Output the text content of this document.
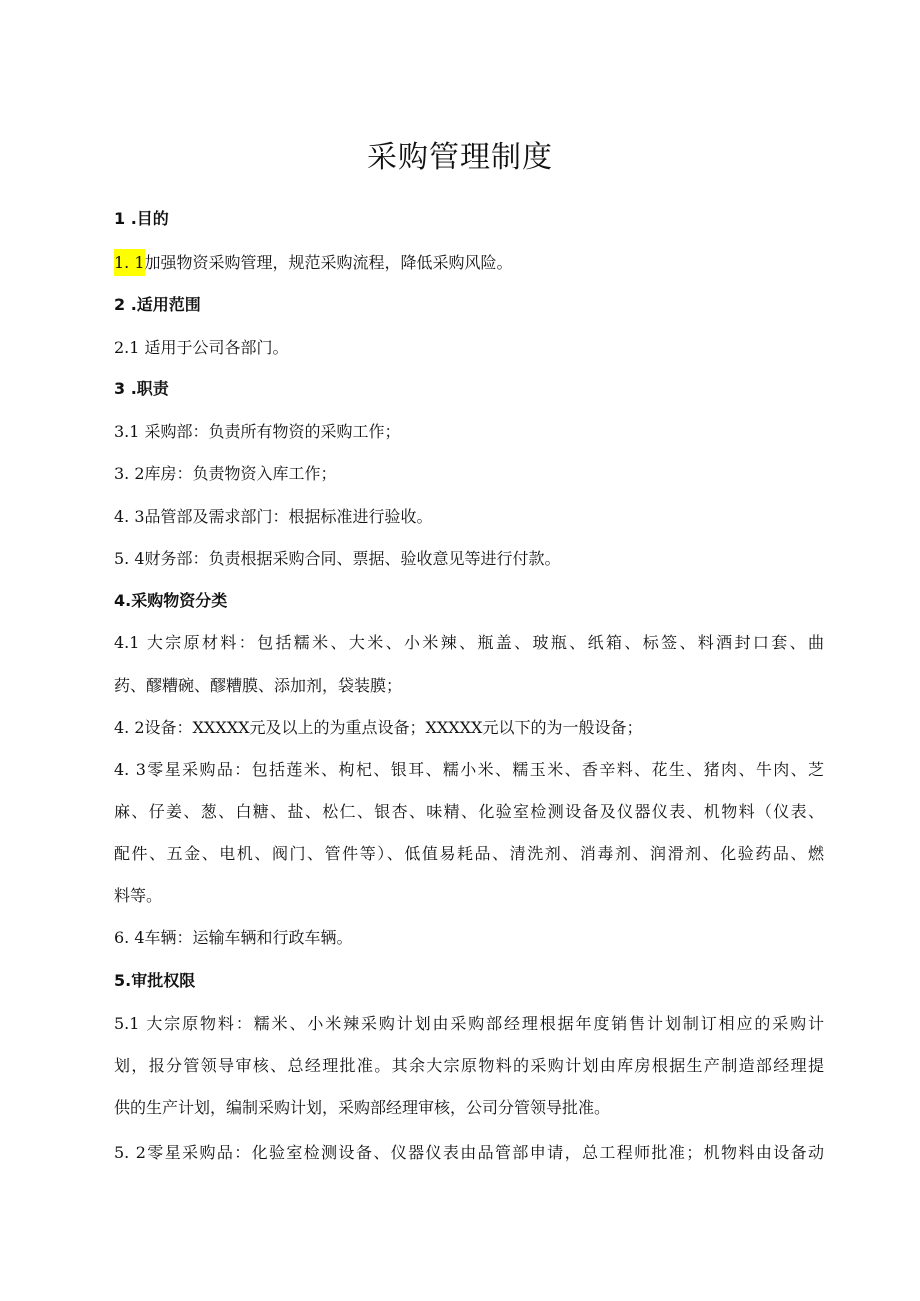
采购管理制度
1 .目的
1. 1加强物资采购管理，规范采购流程，降低采购风险。
2 .适用范围
2.1 适用于公司各部门。
3 .职责
3.1 采购部：负责所有物资的采购工作；
3. 2库房：负责物资入库工作；
4. 3品管部及需求部门：根据标准进行验收。
5. 4财务部：负责根据采购合同、票据、验收意见等进行付款。
4.采购物资分类
4.1 大宗原材料：包括糯米、大米、小米辣、瓶盖、玻瓶、纸箱、标签、料酒封口套、曲
药、醪糟碗、醪糟膜、添加剂，袋装膜；
4. 2设备：XXXXX元及以上的为重点设备；XXXXX元以下的为一般设备；
4. 3零星采购品：包括莲米、枸杞、银耳、糯小米、糯玉米、香辛料、花生、猪肉、牛肉、芝
麻、仔姜、葱、白糖、盐、松仁、银杏、味精、化验室检测设备及仪器仪表、机物料（仪表、
配件、五金、电机、阀门、管件等）、低值易耗品、清洗剂、消毒剂、润滑剂、化验药品、燃
料等。
6. 4车辆：运输车辆和行政车辆。
5.审批权限
5.1 大宗原物料：糯米、小米辣采购计划由采购部经理根据年度销售计划制订相应的采购计
划，报分管领导审核、总经理批准。其余大宗原物料的采购计划由库房根据生产制造部经理提
供的生产计划，编制采购计划，采购部经理审核，公司分管领导批准。
5. 2零星采购品：化验室检测设备、仪器仪表由品管部申请，总工程师批准；机物料由设备动
